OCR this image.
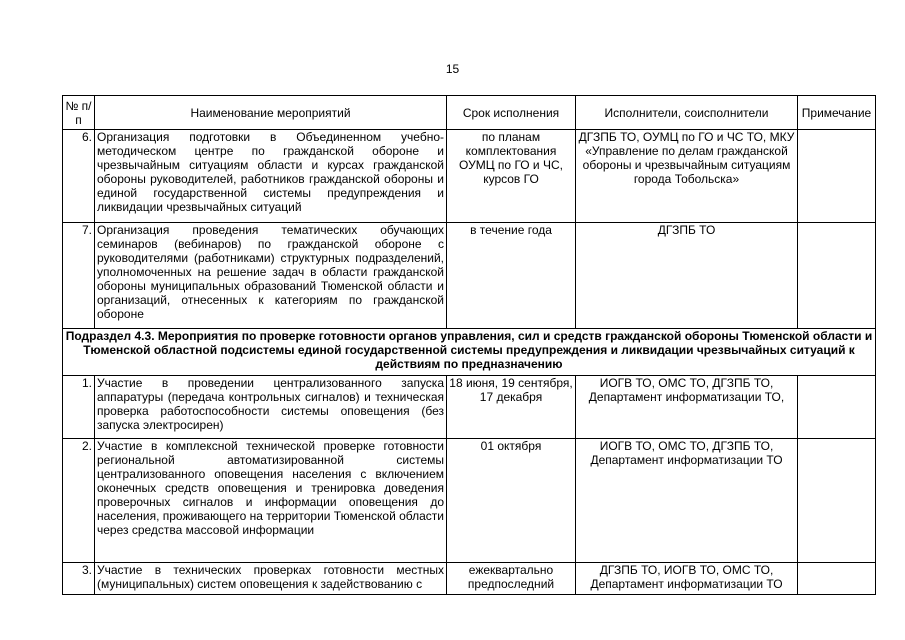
15
№ п/п	Наименование мероприятий	Срок исполнения	Исполнители, соисполнители	Примечание
6.	Организация подготовки в Объединенном учебно-методическом центре по гражданской обороне и чрезвычайным ситуациям области и курсах гражданской обороны руководителей, работников гражданской обороны и единой государственной системы предупреждения и ликвидации чрезвычайных ситуаций	по планам комплектования ОУМЦ по ГО и ЧС, курсов ГО	ДГЗПБ ТО, ОУМЦ по ГО и ЧС ТО, МКУ «Управление по делам гражданской обороны и чрезвычайным ситуациям города Тобольска»	
7.	Организация проведения тематических обучающих семинаров (вебинаров) по гражданской обороне с руководителями (работниками) структурных подразделений, уполномоченных на решение задач в области гражданской обороны муниципальных образований Тюменской области и организаций, отнесенных к категориям по гражданской обороне	в течение года	ДГЗПБ ТО	
Подраздел 4.3. Мероприятия по проверке готовности органов управления, сил и средств гражданской обороны Тюменской области и Тюменской областной подсистемы единой государственной системы предупреждения и ликвидации чрезвычайных ситуаций к действиям по предназначению				
1.	Участие в проведении централизованного запуска аппаратуры (передача контрольных сигналов) и техническая проверка работоспособности системы оповещения (без запуска электросирен)	18 июня, 19 сентября, 17 декабря	ИОГВ ТО, ОМС ТО, ДГЗПБ ТО, Департамент информатизации ТО,	
2.	Участие в комплексной технической проверке готовности региональной автоматизированной системы централизованного оповещения населения с включением оконечных средств оповещения и тренировка доведения проверочных сигналов и информации оповещения до населения, проживающего на территории Тюменской области через средства массовой информации	01 октября	ИОГВ ТО, ОМС ТО, ДГЗПБ ТО, Департамент информатизации ТО	
3.	Участие в технических проверках готовности местных (муниципальных) систем оповещения к задействованию с	ежеквартально предпоследний	ДГЗПБ ТО, ИОГВ ТО, ОМС ТО, Департамент информатизации ТО	
